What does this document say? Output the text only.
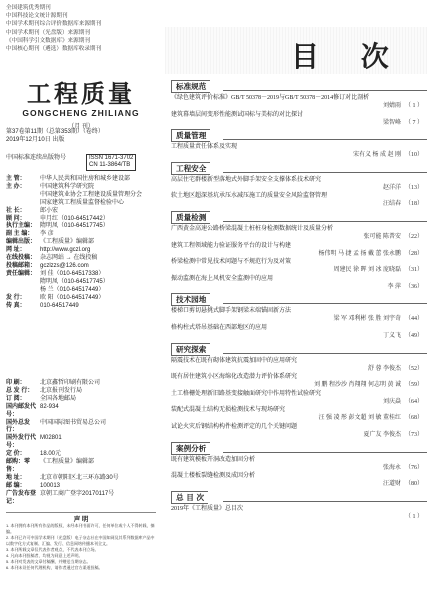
全国建筑优秀期刊
中国科技论文统计源期刊
中国学术期刊综合评价数据库来源期刊
中国学术期刊（光盘版）来源期刊
《中国科学引文数据库》来源期刊
中国核心期刊（遴选）数据库收录期刊
工程质量
GONGCHENG ZHILIANG
（月 刊）
第37卷第11期（总第353期）（卷终）
2019年12月10日 出版
中国标准连续出版物号	ISSN 1671-3702
CN 11-3864/TB
主 管：	中华人民共和国住房和城乡建设部
主 办：	中国建筑科学研究院
中国建筑业协会工程建设质量管理分会
国家建筑工程质量监督检验中心
社 长：	郎小宏
顾 问：	申月红（010-64517442）
执行主编： 隋明凤（010-64517745）
副 主 编：	李 彦
编辑出版： 《工程质量》编辑部
网 址：	http://www.gczl.org
在线投稿： 杂志网站 → 在线投稿
投稿邮箱： gczlzzs@126.com
责任编辑： 刘 佳（010-64517338）
隋明凤（010-64517745）
杨 兰（010-64517449）
发 行：	欧 阳（010-64517449）
传 真：	010-64517449
印 刷：	北京鑫哲印刷有限公司
总 发 行：	北京报刊发行局
订 阅：	全国各地邮局
国内邮发代号：
82-934
国外总发行：
中国国际图书贸易总公司
国外发行代号：
M02801
定 价：	18.00元
邮购：零售：
《工程质量》编辑部
地 址：	北京市朝阳区北三环东路30号
邮 编：	100013
广告发布登记：
京朝工商广登字20170117号
声 明
1. 本刊拥有本刊所有作品的版权，未经本刊书面许可，任何单位或个人不得转载、摘编。
2. 本刊已许可中国学术期刊（光盘版）电子杂志社在中国知网及其系列数据库产品中以数字化方式复制、汇编、发行、信息网络传播本刊全文。
3. 本刊所载文章仅代表作者观点，不代表本刊立场。
4. 凡向本刊投稿者，均视为同意上述声明。
5. 本刊对发表的文章付稿酬，并赠送当期杂志。
6. 本刊未设任何代理机构，请作者通过官方渠道投稿。
目 次
标准规范
《绿色建筑评价标准》GB/T 50378－2019与GB/T 50378－2014修订对比剖析
刘婧雨 （ 1 ）
建筑幕墙层间变形性能测试国标与美标的对比探讨
梁智峰 （ 7 ）
质量管理
工程质量责任体系及实现
宋有义 杨 成 赵 刚 （10）
工程安全
高层住宅群楼新型落地式外脚手架安全支撑体系技术研究
赵洋洋 （13）
软土地区超深基坑承压水减压施工的质量安全风险监督管理
汪结春 （18）
质量检测
广西黄金高速公路桥梁混凝土桩桩身检测数据统计及质量分析
张可能 陈普安 （22）
建筑工程领域能力验证服务平台的设计与构建
杨伟明 马 捷 孟 扬 戴 蕾 张永鹏 （28）
桥梁检测中常见技术问题与不规范行为及对策
周建民 徐 晖 刘 冰 庞晓磊 （31）
振动监测在海上风机安全监测中的应用
李 萍 （36）
技术园地
楼梯口剪切悬挑式脚手架钢梁末端锚固新方法
梁 军 邓利彬 张 胜 刘宇奇 （44）
格构柱式塔吊基础在西部地区的应用
丁义飞 （49）
研究探索
隔震技术在既有砌体建筑抗震加固中的应用研究
舒 蓉 李俊杰 （52）
既有居住建筑小区海绵化改造潜力评价体系研究
刘 鹏 程沙沙 肖翔翔 何志明 黄 诚 （59）
土工格栅处理新旧路基变接触面研究中作用特性试验研究
刘庆焱 （64）
装配式混凝土结构无损检测技术与现场研究
汪 强 凌 彤 彭文超 刘 敏 董桂红 （68）
试论火灾后钢结构构件检测评定的几个关键问题
夏广友 李俊杰 （73）
案例分析
既有建筑模板开洞改造加固分析
张海永 （76）
混凝土楼板裂缝检测及成因分析
汪道财 （80）
总 目 次
2019年《工程质量》总目次
（ 1 ）
